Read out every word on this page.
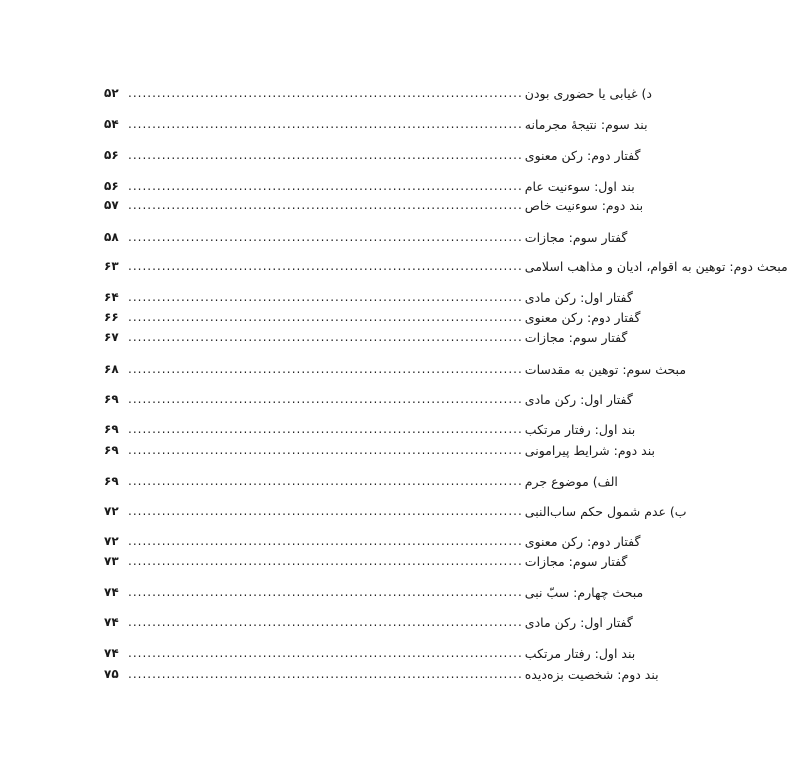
۵۲ .................................................................................. د) غیابی یا حضوری بودن
۵۴ .................................................................................. بند سوم: نتیجهٔ مجرمانه
۵۶ .................................................................................. گفتار دوم: رکن معنوی
۵۶ .................................................................................. بند اول: سوءنیت عام
۵۷ .................................................................................. بند دوم: سوءنیت خاص
۵۸ .................................................................................. گفتار سوم: مجازات
۶۳ .................................................................................. مبحث دوم: توهین به اقوام، ادیان و مذاهب اسلامی
۶۴ .................................................................................. گفتار اول: رکن مادی
۶۶ .................................................................................. گفتار دوم: رکن معنوی
۶۷ .................................................................................. گفتار سوم: مجازات
۶۸ .................................................................................. مبحث سوم: توهین به مقدسات
۶۹ .................................................................................. گفتار اول: رکن مادی
۶۹ .................................................................................. بند اول: رفتار مرتکب
۶۹ .................................................................................. بند دوم: شرایط پیرامونی
۶۹ .................................................................................. الف) موضوع جرم
۷۲ .................................................................................. ب) عدم شمول حکم ساب‌النبی
۷۲ .................................................................................. گفتار دوم: رکن معنوی
۷۳ .................................................................................. گفتار سوم: مجازات
۷۴ .................................................................................. مبحث چهارم: سبّ نبی
۷۴ .................................................................................. گفتار اول: رکن مادی
۷۴ .................................................................................. بند اول: رفتار مرتکب
۷۵ .................................................................................. بند دوم: شخصیت بزه‌دیده
